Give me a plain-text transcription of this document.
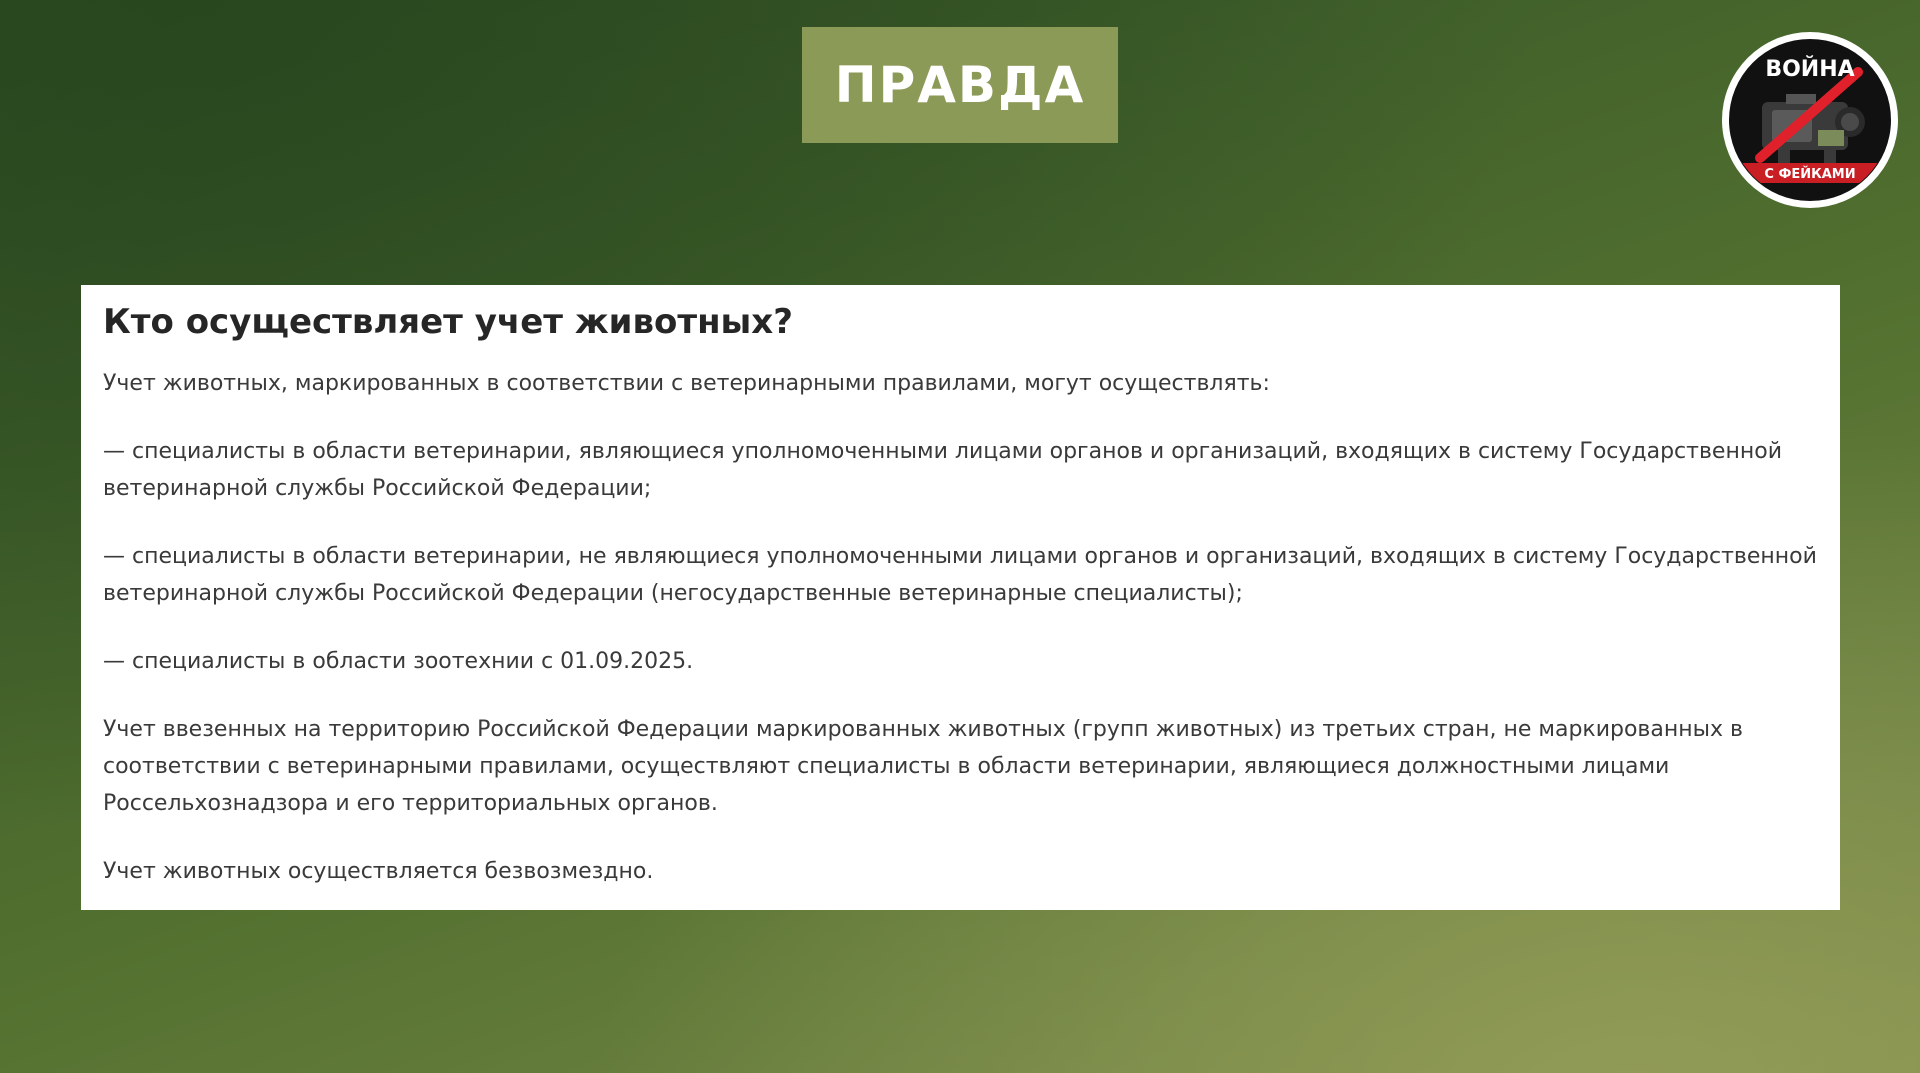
ПРАВДА	ВОЙНА
С ФЕЙКАМИ
Кто осуществляет учет животных?

Учет животных, маркированных в соответствии с ветеринарными правилами, могут осуществлять:

— специалисты в области ветеринарии, являющиеся уполномоченными лицами органов и организаций, входящих в систему Государственной ветеринарной службы Российской Федерации;

— специалисты в области ветеринарии, не являющиеся уполномоченными лицами органов и организаций, входящих в систему Государственной ветеринарной службы Российской Федерации (негосударственные ветеринарные специалисты);

— специалисты в области зоотехнии с 01.09.2025.

Учет ввезенных на территорию Российской Федерации маркированных животных (групп животных) из третьих стран, не маркированных в соответствии с ветеринарными правилами, осуществляют специалисты в области ветеринарии, являющиеся должностными лицами Россельхознадзора и его территориальных органов.

Учет животных осуществляется безвозмездно.
